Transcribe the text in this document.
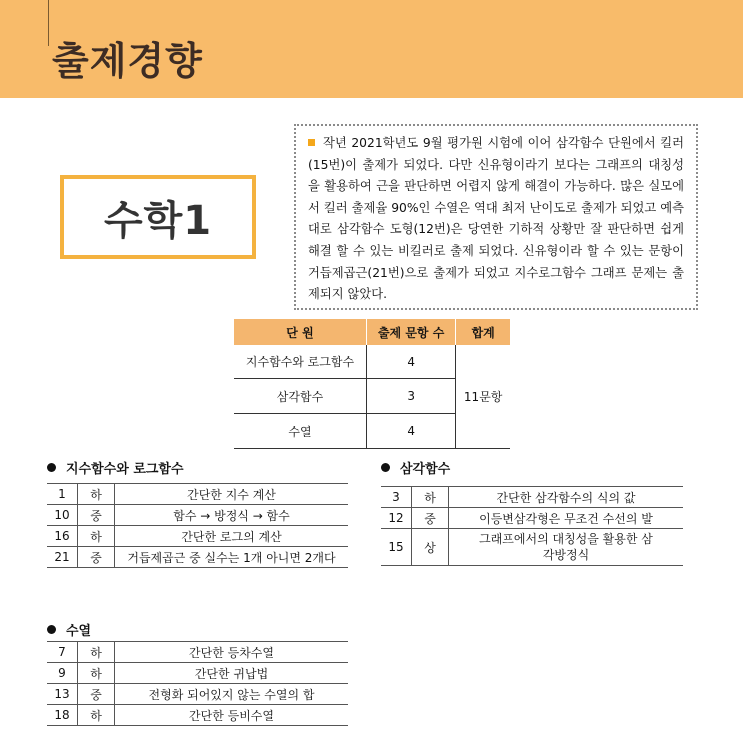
출제경향
수학1
작년 2021학년도 9월 평가원 시험에 이어 삼각함수 단원에서 킬러(15번)이 출제가 되었다. 다만 신유형이라기 보다는 그래프의 대칭성을 활용하여 근을 판단하면 어렵지 않게 해결이 가능하다. 많은 실모에서 킬러 출제율 90%인 수열은 역대 최저 난이도로 출제가 되었고 예측대로 삼각함수 도형(12번)은 당연한 기하적 상황만 잘 판단하면 쉽게 해결 할 수 있는 비킬러로 출제 되었다. 신유형이라 할 수 있는 문항이 거듭제곱근(21번)으로 출제가 되었고 지수로그함수 그래프 문제는 출제되지 않았다.
단 원	출제 문항 수	합계
지수함수와 로그함수	4	11문항
삼각함수	3	
수열	4	
지수함수와 로그함수
1	하	간단한 지수 계산
10	중	함수 → 방정식 → 함수
16	하	간단한 로그의 계산
21	중	거듭제곱근 중 실수는 1개 아니면 2개다
삼각함수
3	하	간단한 삼각함수의 식의 값
12	중	이등변삼각형은 무조건 수선의 발
15	상	그래프에서의 대칭성을 활용한 삼각방정식
수열
7	하	간단한 등차수열
9	하	간단한 귀납법
13	중	전형화 되어있지 않는 수열의 합
18	하	간단한 등비수열
